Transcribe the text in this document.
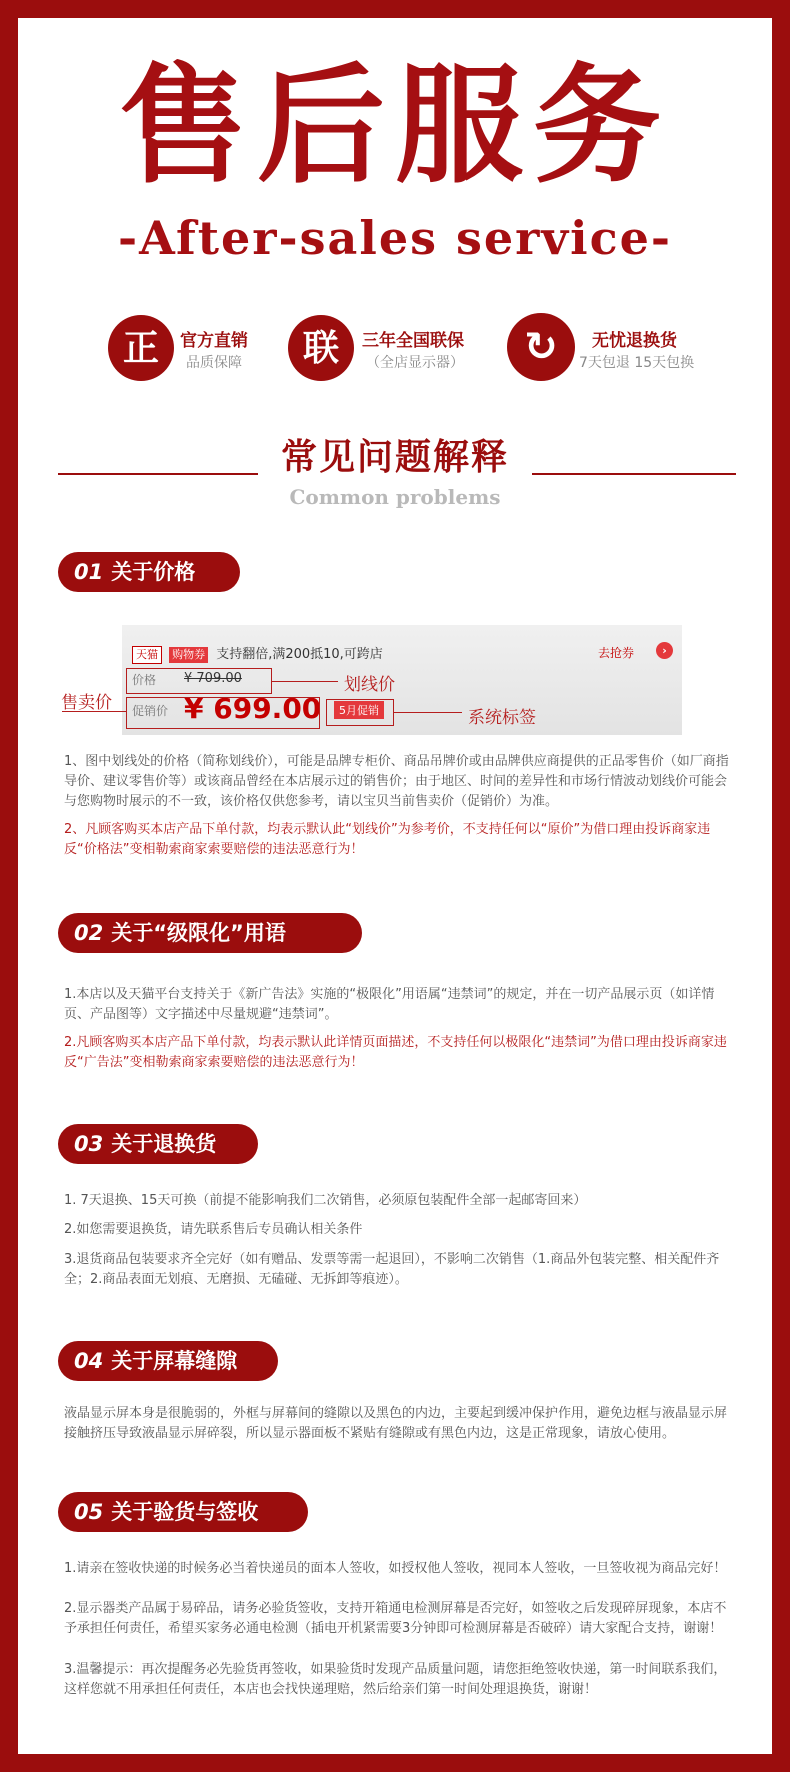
售后服务
-After-sales service-
正	官方直销
品质保障	联	三年全国联保
（全店显示器）	↻	无忧退换货
7天包退 15天包换
常见问题解释
Common problems
01 关于价格
天猫 购物券 支持翻倍,满200抵10,可跨店	去抢券	›
价格 ¥ 709.00
促销价 ¥ 699.00	5月促销
售卖价
划线价
系统标签
1、图中划线处的价格（简称划线价），可能是品牌专柜价、商品吊牌价或由品牌供应商提供的正品零售价（如厂商指导价、建议零售价等）或该商品曾经在本店展示过的销售价；由于地区、时间的差异性和市场行情波动划线价可能会与您购物时展示的不一致，该价格仅供您参考，请以宝贝当前售卖价（促销价）为准。
2、凡顾客购买本店产品下单付款，均表示默认此“划线价”为参考价，不支持任何以“原价”为借口理由投诉商家违反“价格法”变相勒索商家索要赔偿的违法恶意行为！
02 关于“级限化”用语
1.本店以及天猫平台支持关于《新广告法》实施的“极限化”用语属“违禁词”的规定，并在一切产品展示页（如详情页、产品图等）文字描述中尽量规避“违禁词”。
2.凡顾客购买本店产品下单付款，均表示默认此详情页面描述，不支持任何以极限化“违禁词”为借口理由投诉商家违反“广告法”变相勒索商家索要赔偿的违法恶意行为！
03 关于退换货
1. 7天退换、15天可换（前提不能影响我们二次销售，必须原包装配件全部一起邮寄回来）
2.如您需要退换货，请先联系售后专员确认相关条件
3.退货商品包装要求齐全完好（如有赠品、发票等需一起退回），不影响二次销售（1.商品外包装完整、相关配件齐全；2.商品表面无划痕、无磨损、无磕碰、无拆卸等痕迹）。
04 关于屏幕缝隙
液晶显示屏本身是很脆弱的，外框与屏幕间的缝隙以及黑色的内边，主要起到缓冲保护作用，避免边框与液晶显示屏接触挤压导致液晶显示屏碎裂，所以显示器面板不紧贴有缝隙或有黑色内边，这是正常现象，请放心使用。
05 关于验货与签收
1.请亲在签收快递的时候务必当着快递员的面本人签收，如授权他人签收，视同本人签收，一旦签收视为商品完好！
2.显示器类产品属于易碎品，请务必验货签收，支持开箱通电检测屏幕是否完好，如签收之后发现碎屏现象，本店不予承担任何责任，希望买家务必通电检测（插电开机紧需要3分钟即可检测屏幕是否破碎）请大家配合支持，谢谢！
3.温馨提示：再次提醒务必先验货再签收，如果验货时发现产品质量问题，请您拒绝签收快递，第一时间联系我们，这样您就不用承担任何责任，本店也会找快递理赔，然后给亲们第一时间处理退换货，谢谢！
